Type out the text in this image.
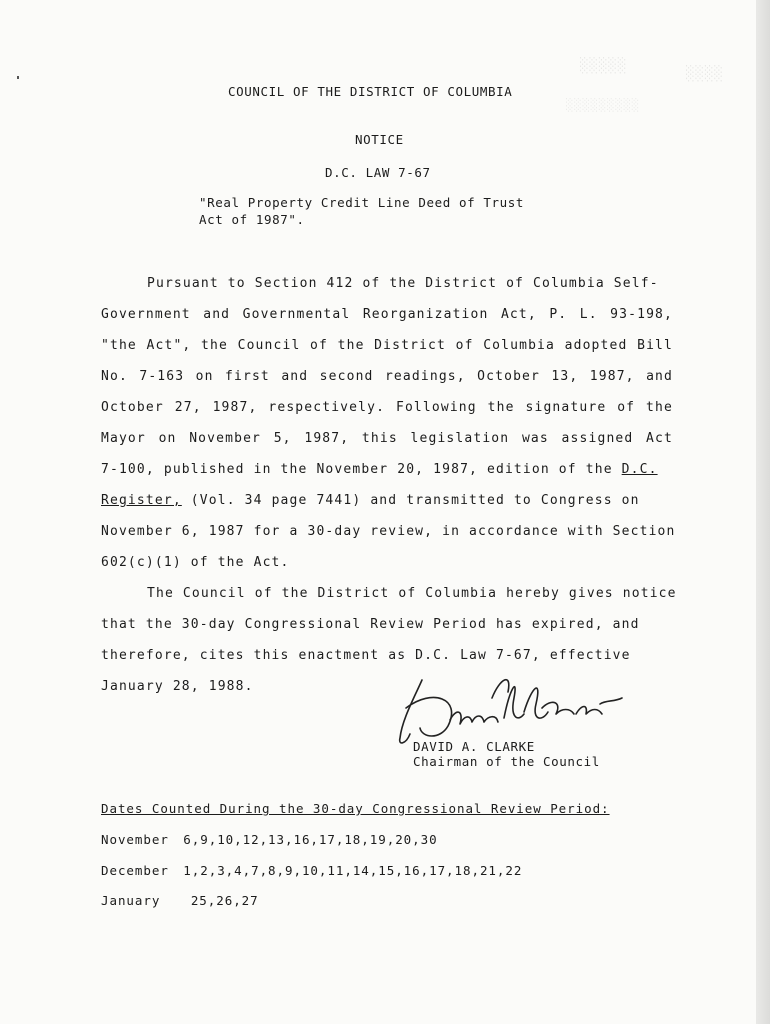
░░░░░	░░░░
░░░░░░░░░
COUNCIL OF THE DISTRICT OF COLUMBIA
NOTICE
D.C. LAW 7-67
"Real Property Credit Line Deed of Trust
Act of 1987".
Pursuant to Section 412 of the District of Columbia Self-
Government and Governmental Reorganization Act, P. L. 93-198,
"the Act", the Council of the District of Columbia adopted Bill
No. 7-163 on first and second readings, October 13, 1987, and
October 27, 1987, respectively. Following the signature of the
Mayor on November 5, 1987, this legislation was assigned Act
7-100, published in the November 20, 1987, edition of the D.C.
Register, (Vol. 34 page 7441) and transmitted to Congress on
November 6, 1987 for a 30-day review, in accordance with Section
602(c)(1) of the Act.
The Council of the District of Columbia hereby gives notice
that the 30-day Congressional Review Period has expired, and
therefore, cites this enactment as D.C. Law 7-67, effective
January 28, 1988.
DAVID A. CLARKE
Chairman of the Council
Dates Counted During the 30-day Congressional Review Period:
November 6,9,10,12,13,16,17,18,19,20,30
December 1,2,3,4,7,8,9,10,11,14,15,16,17,18,21,22
January 25,26,27
